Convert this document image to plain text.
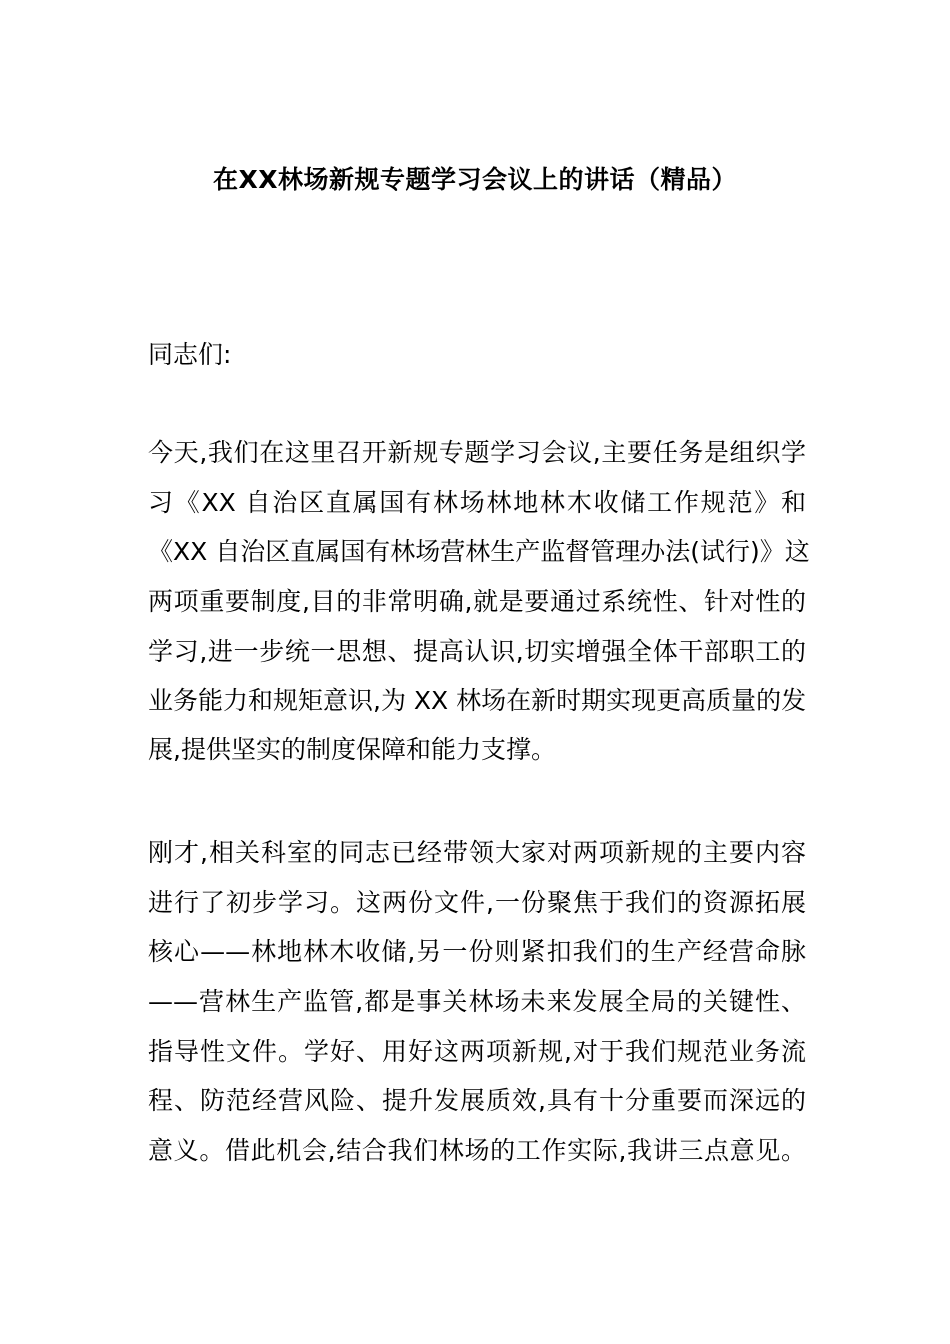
在XX林场新规专题学习会议上的讲话（精品）
同志们:
今天,我们在这里召开新规专题学习会议,主要任务是组织学
习《XX 自治区直属国有林场林地林木收储工作规范》和
《XX 自治区直属国有林场营林生产监督管理办法(试行)》这
两项重要制度,目的非常明确,就是要通过系统性、针对性的
学习,进一步统一思想、提高认识,切实增强全体干部职工的
业务能力和规矩意识,为 XX 林场在新时期实现更高质量的发
展,提供坚实的制度保障和能力支撑。
刚才,相关科室的同志已经带领大家对两项新规的主要内容
进行了初步学习。这两份文件,一份聚焦于我们的资源拓展
核心——林地林木收储,另一份则紧扣我们的生产经营命脉
——营林生产监管,都是事关林场未来发展全局的关键性、
指导性文件。学好、用好这两项新规,对于我们规范业务流
程、防范经营风险、提升发展质效,具有十分重要而深远的
意义。借此机会,结合我们林场的工作实际,我讲三点意见。
